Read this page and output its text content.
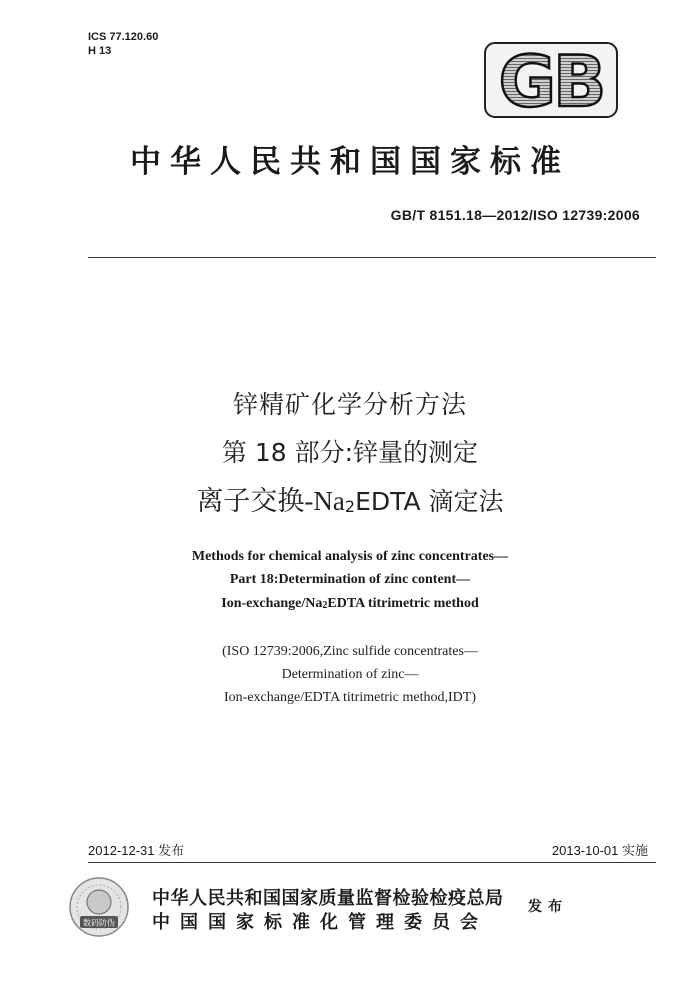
ICS 77.120.60
H 13	GB
中华人民共和国国家标准
GB/T 8151.18—2012/ISO 12739:2006
锌精矿化学分析方法
第 18 部分:锌量的测定
离子交换-Na2EDTA 滴定法
Methods for chemical analysis of zinc concentrates—
Part 18:Determination of zinc content—
Ion-exchange/Na2EDTA titrimetric method
(ISO 12739:2006,Zinc sulfide concentrates—
Determination of zinc—
Ion-exchange/EDTA titrimetric method,IDT)
2012-12-31 发布	2013-10-01 实施
数码防伪
中华人民共和国国家质量监督检验检疫总局
中国国家标准化管理委员会
发布
